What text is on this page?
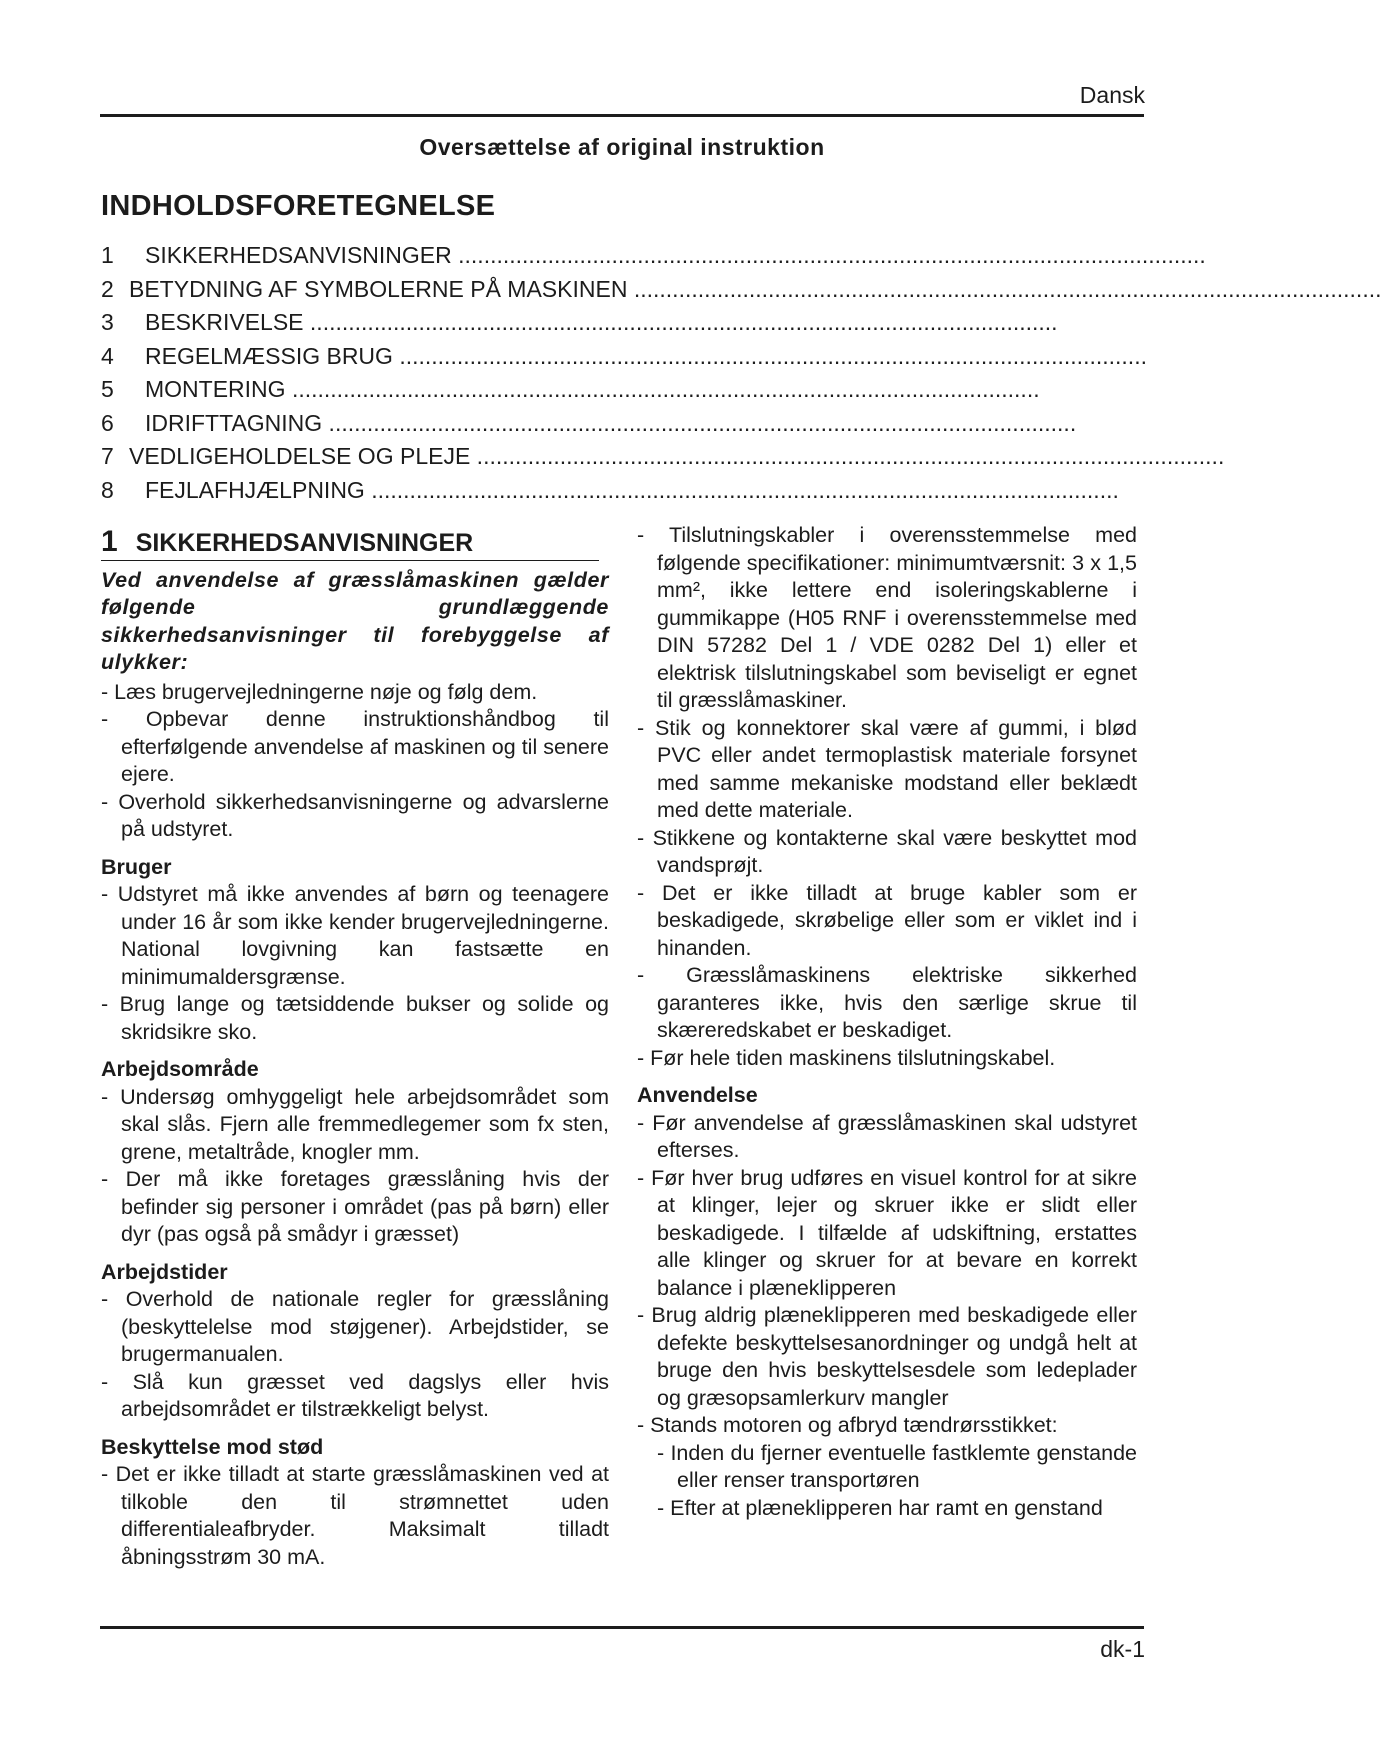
Dansk
Oversættelse af original instruktion
INDHOLDSFORETEGNELSE
1	SIKKERHEDSANVISNINGER .....................................................................................................................
2 BETYDNING AF SYMBOLERNE PÅ MASKINEN .....................................................................................................................
3	BESKRIVELSE .....................................................................................................................
4	REGELMÆSSIG BRUG .....................................................................................................................
5	MONTERING .....................................................................................................................
6	IDRIFTTAGNING .....................................................................................................................
7 VEDLIGEHOLDELSE OG PLEJE .....................................................................................................................
8	FEJLAFHJÆLPNING .....................................................................................................................
1 SIKKERHEDSANVISNINGER
Ved anvendelse af græsslåmaskinen gælder følgende grundlæggende sikkerhedsanvisninger til forebyggelse af ulykker:
- Læs brugervejledningerne nøje og følg dem.
- Opbevar denne instruktionshåndbog til efterfølgende anvendelse af maskinen og til senere ejere.
- Overhold sikkerhedsanvisningerne og advarslerne på udstyret.
Bruger
- Udstyret må ikke anvendes af børn og teenagere under 16 år som ikke kender brugervejledningerne. National lovgivning kan fastsætte en minimumaldersgrænse.
- Brug lange og tætsiddende bukser og solide og skridsikre sko.
Arbejdsområde
- Undersøg omhyggeligt hele arbejdsområdet som skal slås. Fjern alle fremmedlegemer som fx sten, grene, metaltråde, knogler mm.
- Der må ikke foretages græsslåning hvis der befinder sig personer i området (pas på børn) eller dyr (pas også på smådyr i græsset)
Arbejdstider
- Overhold de nationale regler for græsslåning (beskyttelelse mod støjgener). Arbejdstider, se brugermanualen.
- Slå kun græsset ved dagslys eller hvis arbejdsområdet er tilstrækkeligt belyst.
Beskyttelse mod stød
- Det er ikke tilladt at starte græsslåmaskinen ved at tilkoble den til strømnettet uden differentialeafbryder. Maksimalt tilladt åbningsstrøm 30 mA.
- Tilslutningskabler i overensstemmelse med følgende specifikationer: minimumtværsnit: 3 x 1,5 mm², ikke lettere end isoleringskablerne i gummikappe (H05 RNF i overensstemmelse med DIN 57282 Del 1 / VDE 0282 Del 1) eller et elektrisk tilslutningskabel som beviseligt er egnet til græsslåmaskiner.
- Stik og konnektorer skal være af gummi, i blød PVC eller andet termoplastisk materiale forsynet med samme mekaniske modstand eller beklædt med dette materiale.
- Stikkene og kontakterne skal være beskyttet mod vandsprøjt.
- Det er ikke tilladt at bruge kabler som er beskadigede, skrøbelige eller som er viklet ind i hinanden.
- Græsslåmaskinens elektriske sikkerhed garanteres ikke, hvis den særlige skrue til skæreredskabet er beskadiget.
- Før hele tiden maskinens tilslutningskabel.
Anvendelse
- Før anvendelse af græsslåmaskinen skal udstyret efterses.
- Før hver brug udføres en visuel kontrol for at sikre at klinger, lejer og skruer ikke er slidt eller beskadigede. I tilfælde af udskiftning, erstattes alle klinger og skruer for at bevare en korrekt balance i plæneklipperen
- Brug aldrig plæneklipperen med beskadigede eller defekte beskyttelsesanordninger og undgå helt at bruge den hvis beskyttelsesdele som ledeplader og græsopsamlerkurv mangler
- Stands motoren og afbryd tændrørsstikket:
- Inden du fjerner eventuelle fastklemte genstande eller renser transportøren
- Efter at plæneklipperen har ramt en genstand
dk-1
